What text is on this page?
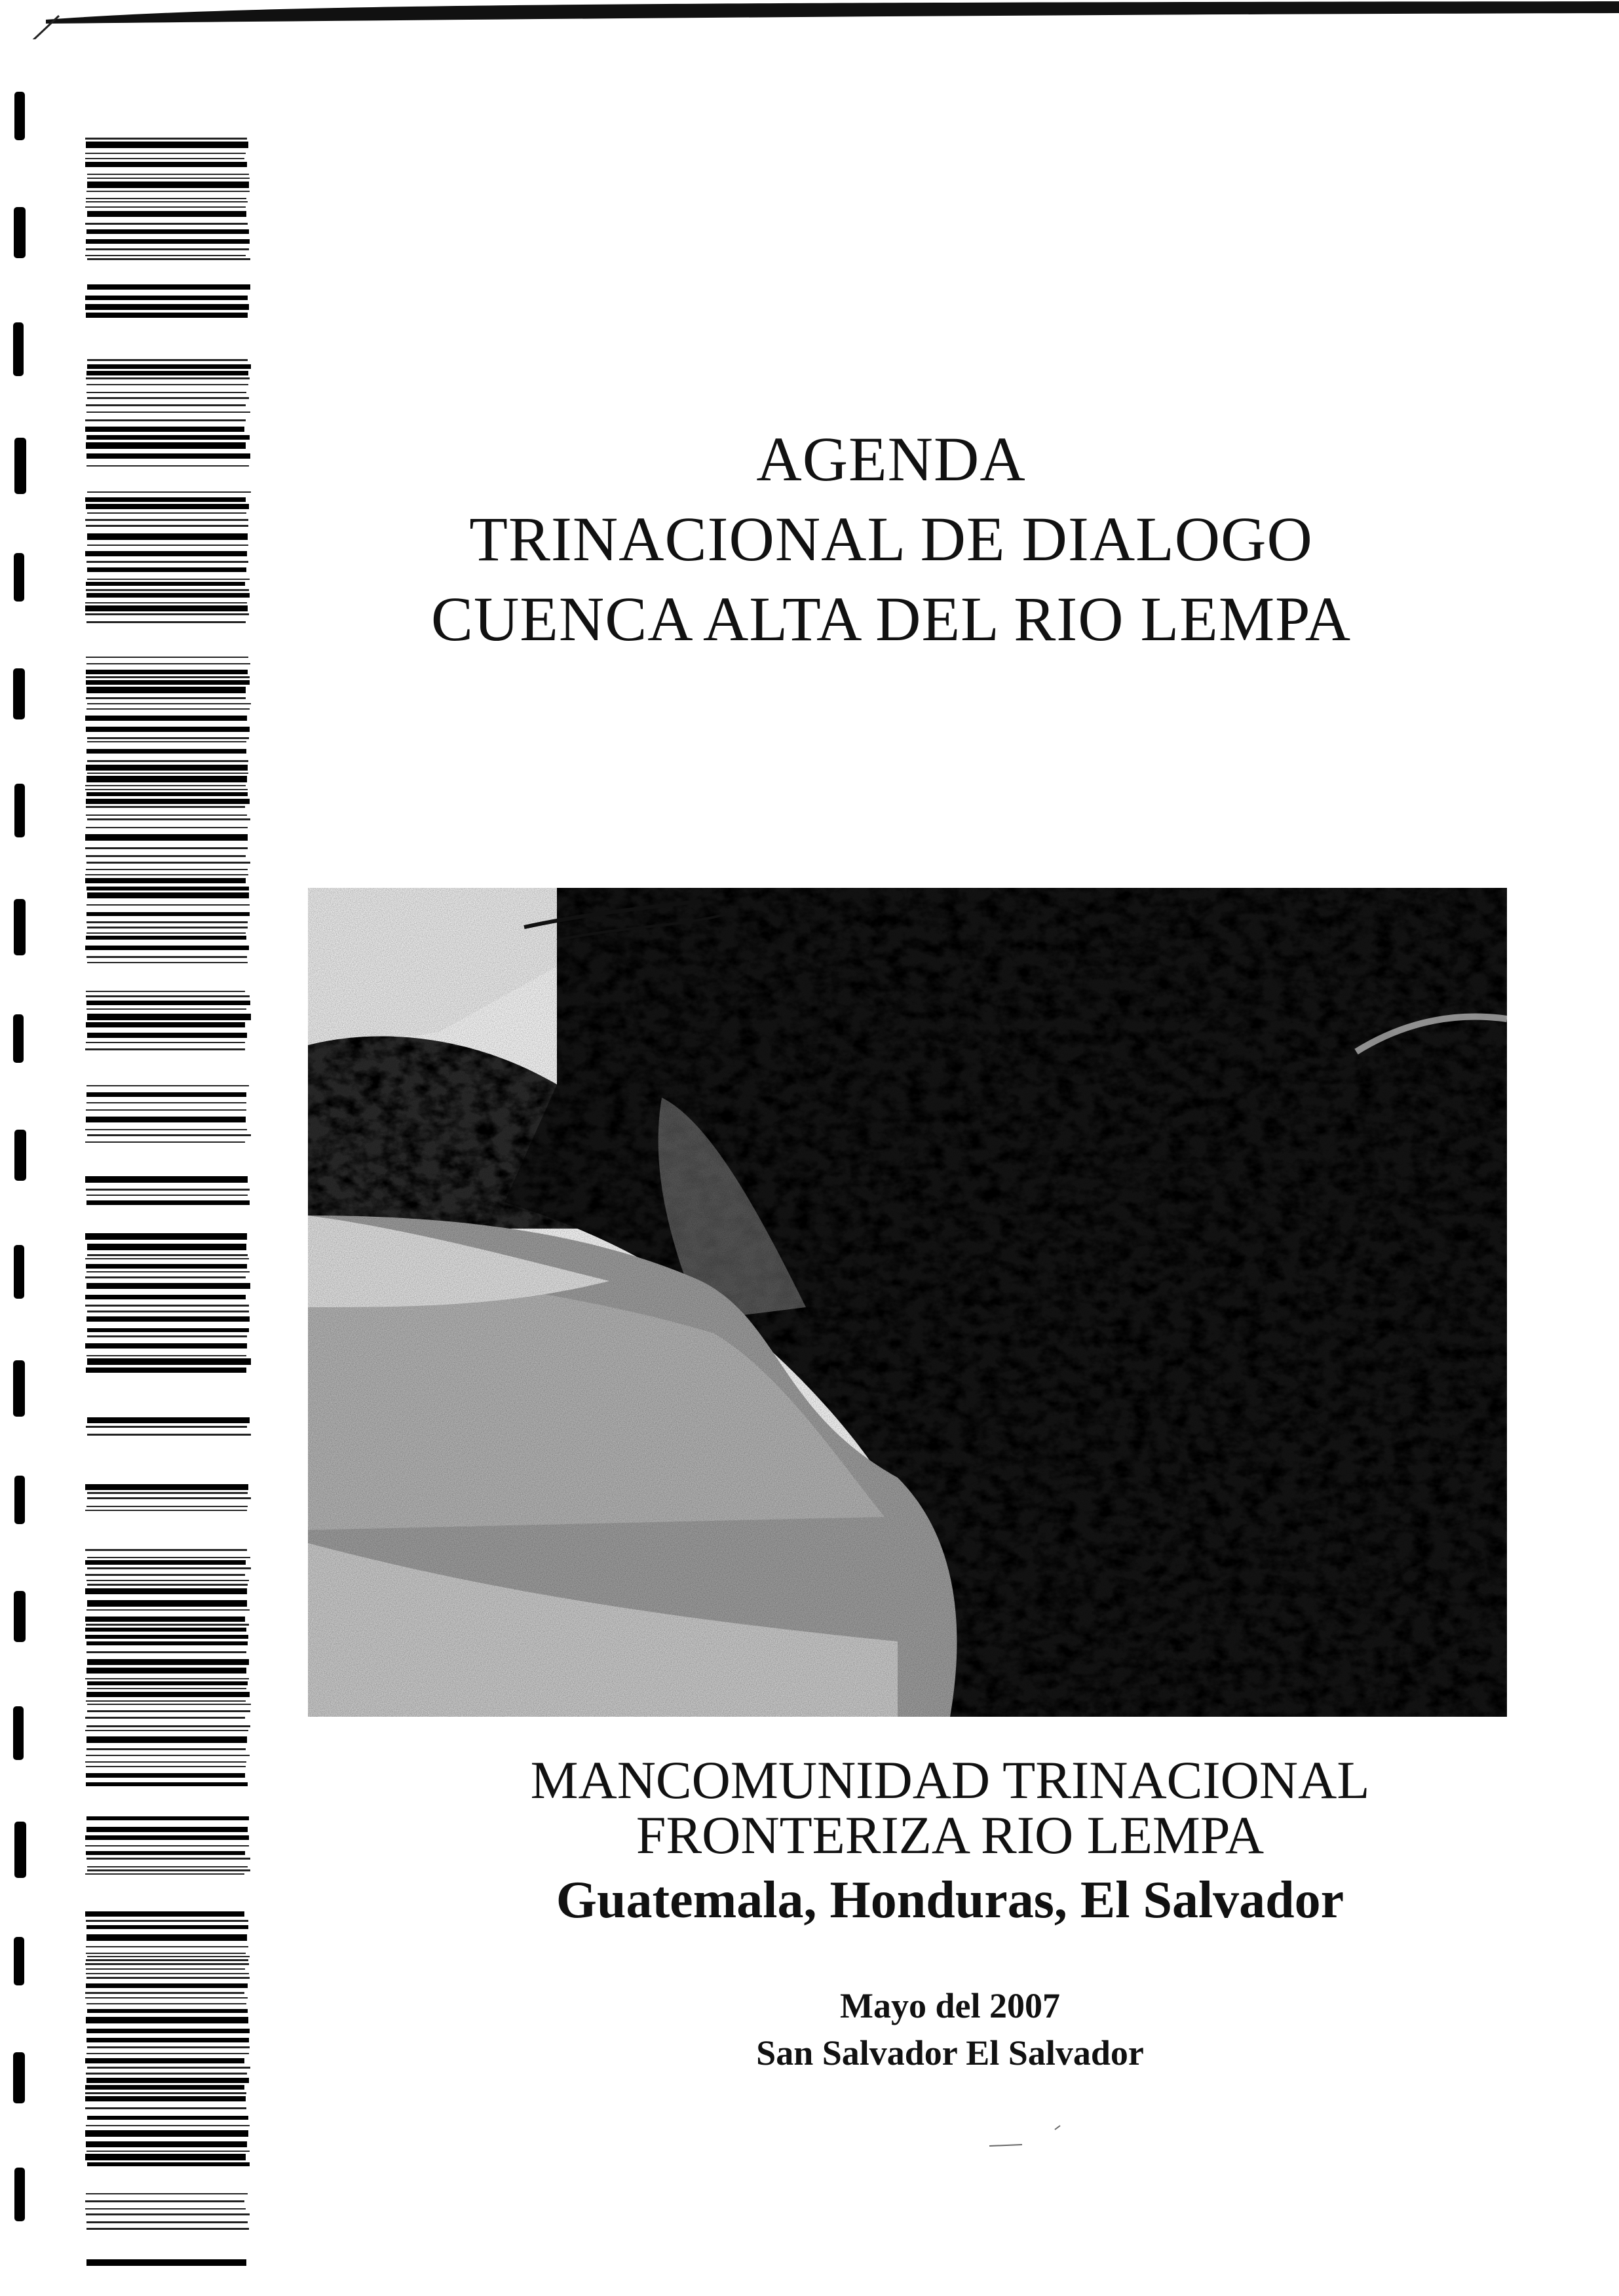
AGENDA
TRINACIONAL DE DIALOGO
CUENCA ALTA DEL RIO LEMPA
MANCOMUNIDAD TRINACIONAL
FRONTERIZA RIO LEMPA
Guatemala, Honduras, El Salvador
Mayo del 2007
San Salvador El Salvador
